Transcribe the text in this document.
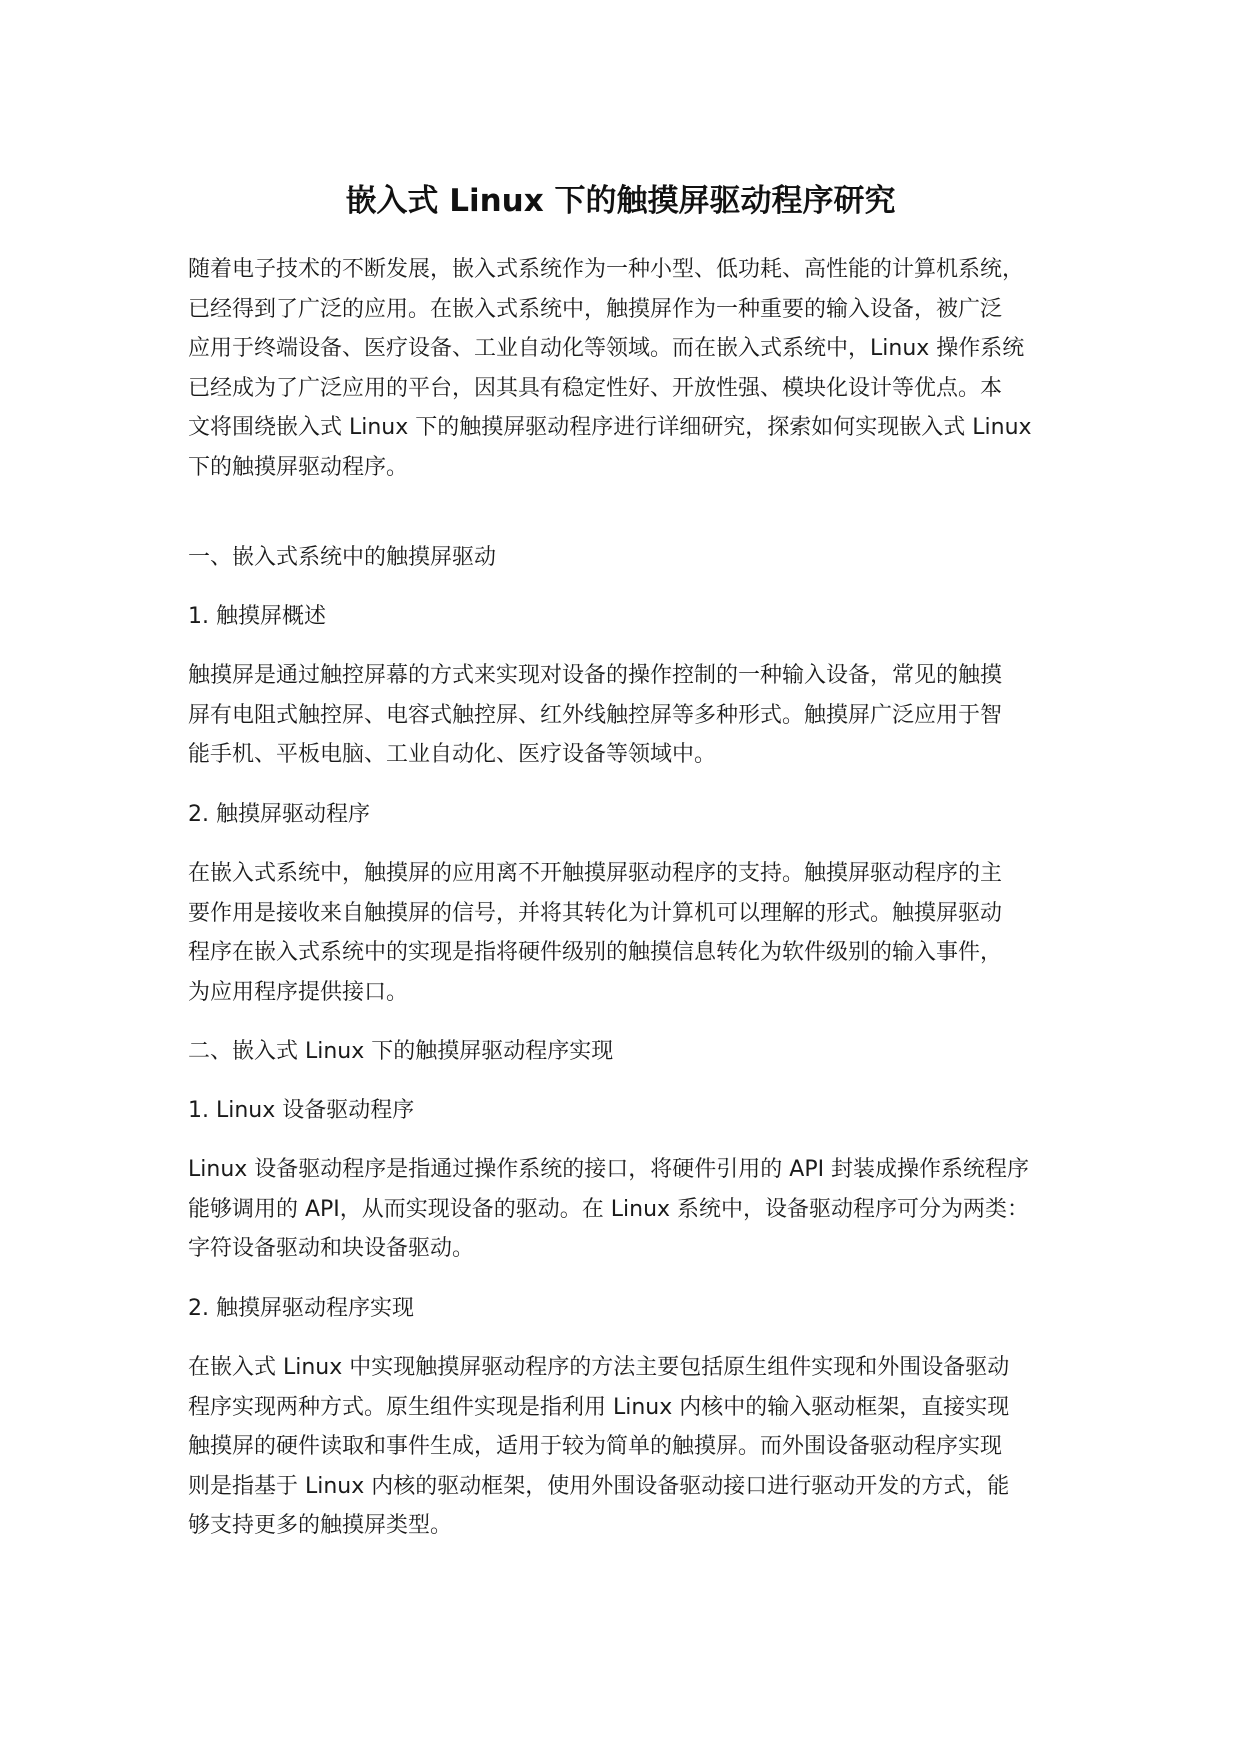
嵌入式 Linux 下的触摸屏驱动程序研究

随着电子技术的不断发展，嵌入式系统作为一种小型、低功耗、高性能的计算机系统，
已经得到了广泛的应用。在嵌入式系统中，触摸屏作为一种重要的输入设备，被广泛
应用于终端设备、医疗设备、工业自动化等领域。而在嵌入式系统中，Linux 操作系统
已经成为了广泛应用的平台，因其具有稳定性好、开放性强、模块化设计等优点。本
文将围绕嵌入式 Linux 下的触摸屏驱动程序进行详细研究，探索如何实现嵌入式 Linux
下的触摸屏驱动程序。

一、嵌入式系统中的触摸屏驱动
1. 触摸屏概述

触摸屏是通过触控屏幕的方式来实现对设备的操作控制的一种输入设备，常见的触摸
屏有电阻式触控屏、电容式触控屏、红外线触控屏等多种形式。触摸屏广泛应用于智
能手机、平板电脑、工业自动化、医疗设备等领域中。

2. 触摸屏驱动程序

在嵌入式系统中，触摸屏的应用离不开触摸屏驱动程序的支持。触摸屏驱动程序的主
要作用是接收来自触摸屏的信号，并将其转化为计算机可以理解的形式。触摸屏驱动
程序在嵌入式系统中的实现是指将硬件级别的触摸信息转化为软件级别的输入事件，
为应用程序提供接口。

二、嵌入式 Linux 下的触摸屏驱动程序实现
1. Linux 设备驱动程序

Linux 设备驱动程序是指通过操作系统的接口，将硬件引用的 API 封装成操作系统程序
能够调用的 API，从而实现设备的驱动。在 Linux 系统中，设备驱动程序可分为两类：
字符设备驱动和块设备驱动。

2. 触摸屏驱动程序实现

在嵌入式 Linux 中实现触摸屏驱动程序的方法主要包括原生组件实现和外围设备驱动
程序实现两种方式。原生组件实现是指利用 Linux 内核中的输入驱动框架，直接实现
触摸屏的硬件读取和事件生成，适用于较为简单的触摸屏。而外围设备驱动程序实现
则是指基于 Linux 内核的驱动框架，使用外围设备驱动接口进行驱动开发的方式，能
够支持更多的触摸屏类型。
